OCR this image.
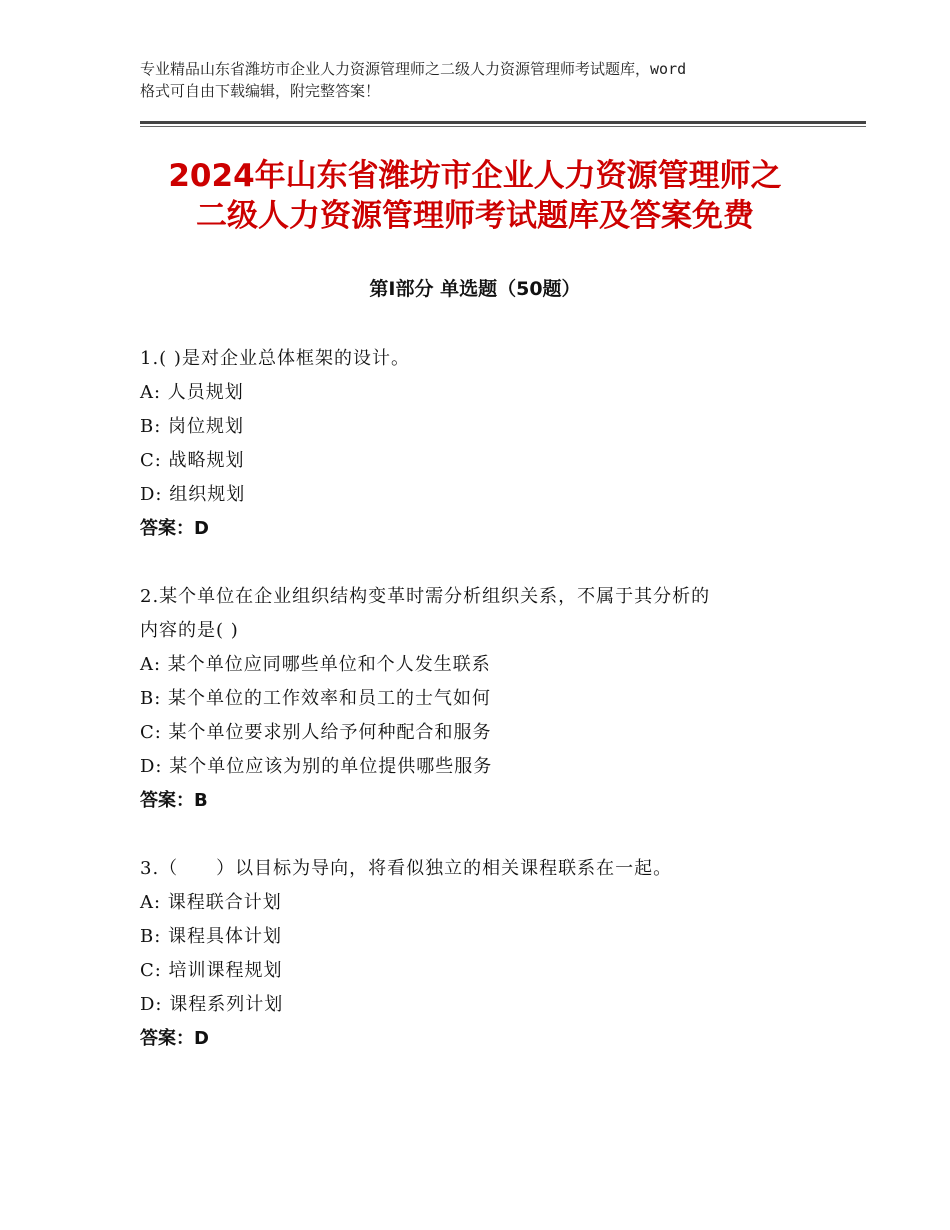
专业精品山东省潍坊市企业人力资源管理师之二级人力资源管理师考试题库，word
格式可自由下载编辑，附完整答案！
2024年山东省潍坊市企业人力资源管理师之
二级人力资源管理师考试题库及答案免费
第Ⅰ部分 单选题（50题）
1.( )是对企业总体框架的设计。
A: 人员规划
B: 岗位规划
C: 战略规划
D: 组织规划
答案：D
2.某个单位在企业组织结构变革时需分析组织关系，不属于其分析的
内容的是( )
A: 某个单位应同哪些单位和个人发生联系
B: 某个单位的工作效率和员工的士气如何
C: 某个单位要求别人给予何种配合和服务
D: 某个单位应该为别的单位提供哪些服务
答案：B
3.（　　）以目标为导向，将看似独立的相关课程联系在一起。
A: 课程联合计划
B: 课程具体计划
C: 培训课程规划
D: 课程系列计划
答案：D
